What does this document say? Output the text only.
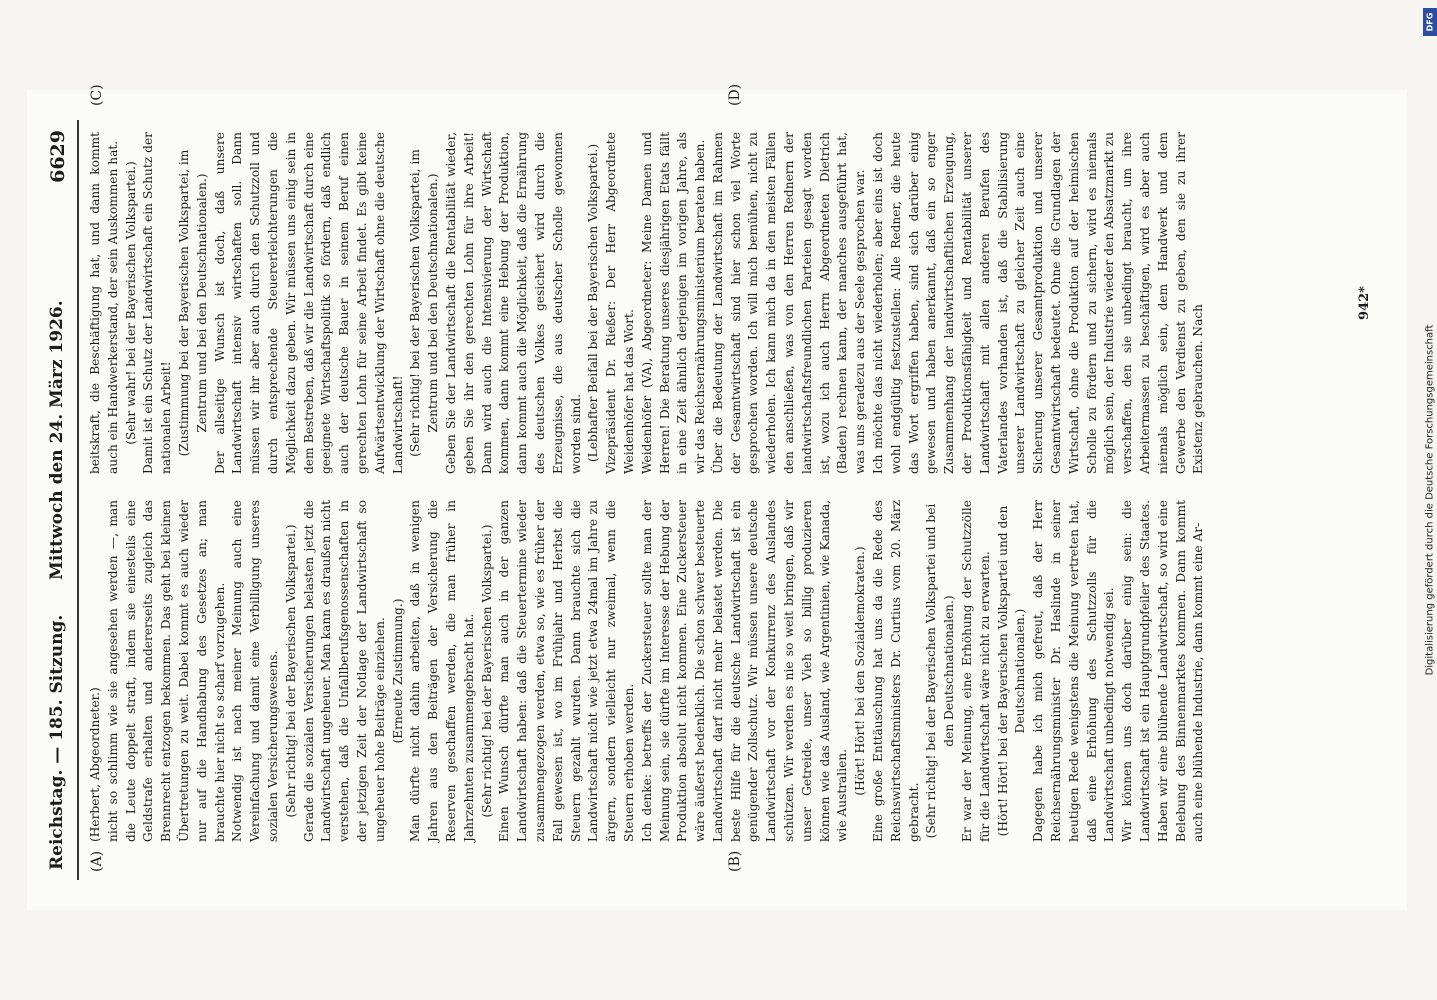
Reichstag. — 185. Sitzung.
Mittwoch den 24. März 1926.
6629
(A)	(B)
(C)	(D)

(Herbert, Abgeordneter.) nicht so schlimm wie sie angesehen werden —, man die Leute doppelt straft, indem sie einesteils eine Geldstrafe erhalten und andererseits zugleich das Brennrecht entzogen bekommen. Das geht bei kleinen Übertretungen zu weit. Dabei kommt es auch wieder nur auf die Handhabung des Gesetzes an; man brauchte hier nicht so scharf vorzugehen. Notwendig ist nach meiner Meinung auch eine Vereinfachung und damit eine Verbilligung unseres sozialen Versicherungswesens. (Sehr richtig! bei der Bayerischen Volkspartei.) Gerade die sozialen Versicherungen belasten jetzt die Landwirtschaft ungeheuer. Man kann es draußen nicht verstehen, daß die Unfallberufsgenossenschaften in der jetzigen Zeit der Notlage der Landwirtschaft so ungeheuer hohe Beiträge einziehen. (Erneute Zustimmung.) Man dürfte nicht dahin arbeiten, daß in wenigen Jahren aus den Beiträgen der Versicherung die Reserven geschaffen werden, die man früher in Jahrzehnten zusammengebracht hat. (Sehr richtig! bei der Bayerischen Volkspartei.) Einen Wunsch dürfte man auch in der ganzen Landwirtschaft haben: daß die Steuertermine wieder zusammengezogen werden, etwa so, wie es früher der Fall gewesen ist, wo im Frühjahr und Herbst die Steuern gezahlt wurden. Dann brauchte sich die Landwirtschaft nicht wie jetzt etwa 24mal im Jahre zu ärgern, sondern vielleicht nur zweimal, wenn die Steuern erhoben werden. Ich denke: betreffs der Zuckersteuer sollte man der Meinung sein, sie dürfte im Interesse der Hebung der Produktion absolut nicht kommen. Eine Zuckersteuer wäre äußerst bedenklich. Die schon schwer besteuerte Landwirtschaft darf nicht mehr belastet werden. Die beste Hilfe für die deutsche Landwirtschaft ist ein genügender Zollschutz. Wir müssen unsere deutsche Landwirtschaft vor der Konkurrenz des Auslandes schützen. Wir werden es nie so weit bringen, daß wir unser Getreide, unser Vieh so billig produzieren können wie das Ausland, wie Argentinien, wie Kanada, wie Australien. (Hört! Hört! bei den Sozialdemokraten.) Eine große Enttäuschung hat uns da die Rede des Reichswirtschaftsministers Dr. Curtius vom 20. März gebracht. (Sehr richtig! bei der Bayerischen Volkspartei und bei den Deutschnationalen.) Er war der Meinung, eine Erhöhung der Schutzzölle für die Landwirtschaft wäre nicht zu erwarten. (Hört! Hört! bei der Bayerischen Volkspartei und den Deutschnationalen.) Dagegen habe ich mich gefreut, daß der Herr Reichsernährungsminister Dr. Haslinde in seiner heutigen Rede wenigstens die Meinung vertreten hat, daß eine Erhöhung des Schutzzolls für die Landwirtschaft unbedingt notwendig sei. Wir können uns doch darüber einig sein: die Landwirtschaft ist ein Hauptgrundpfeiler des Staates. Haben wir eine blühende Landwirtschaft, so wird eine Belebung des Binnenmarktes kommen. Dann kommt auch eine blühende Industrie, dann kommt eine Ar-

beitskraft, die Beschäftigung hat, und dann kommt auch ein Handwerkerstand, der sein Auskommen hat. (Sehr wahr! bei der Bayerischen Volkspartei.) Damit ist ein Schutz der Landwirtschaft ein Schutz der nationalen Arbeit! (Zustimmung bei der Bayerischen Volkspartei, im Zentrum und bei den Deutschnationalen.) Der allseitige Wunsch ist doch, daß unsere Landwirtschaft intensiv wirtschaften soll. Dann müssen wir ihr aber auch durch den Schutzzoll und durch entsprechende Steuererleichterungen die Möglichkeit dazu geben. Wir müssen uns einig sein in dem Bestreben, daß wir die Landwirtschaft durch eine geeignete Wirtschaftspolitik so fördern, daß endlich auch der deutsche Bauer in seinem Beruf einen gerechten Lohn für seine Arbeit findet. Es gibt keine Aufwärtsentwicklung der Wirtschaft ohne die deutsche Landwirtschaft! (Sehr richtig! bei der Bayerischen Volkspartei, im Zentrum und bei den Deutschnationalen.) Geben Sie der Landwirtschaft die Rentabilität wieder, geben Sie ihr den gerechten Lohn für ihre Arbeit! Dann wird auch die Intensivierung der Wirtschaft kommen, dann kommt eine Hebung der Produktion, dann kommt auch die Möglichkeit, daß die Ernährung des deutschen Volkes gesichert wird durch die Erzeugnisse, die aus deutscher Scholle gewonnen worden sind. (Lebhafter Beifall bei der Bayerischen Volkspartei.) Vizepräsident Dr. Rießer: Der Herr Abgeordnete Weidenhöfer hat das Wort. Weidenhöfer (VA), Abgeordneter: Meine Damen und Herren! Die Beratung unseres diesjährigen Etats fällt in eine Zeit ähnlich derjenigen im vorigen Jahre, als wir das Reichsernährungsministerium beraten haben. Über die Bedeutung der Landwirtschaft im Rahmen der Gesamtwirtschaft sind hier schon viel Worte gesprochen worden. Ich will mich bemühen, nicht zu wiederholen. Ich kann mich da in den meisten Fällen den anschließen, was von den Herren Rednern der landwirtschaftsfreundlichen Parteien gesagt worden ist, wozu ich auch Herrn Abgeordneten Dietrich (Baden) rechnen kann, der manches ausgeführt hat, was uns geradezu aus der Seele gesprochen war. Ich möchte das nicht wiederholen; aber eins ist doch wohl endgültig festzustellen: Alle Redner, die heute das Wort ergriffen haben, sind sich darüber einig gewesen und haben anerkannt, daß ein so enger Zusammenhang der landwirtschaftlichen Erzeugung, der Produktionsfähigkeit und Rentabilität unserer Landwirtschaft mit allen anderen Berufen des Vaterlandes vorhanden ist, daß die Stabilisierung unserer Landwirtschaft zu gleicher Zeit auch eine Sicherung unserer Gesamtproduktion und unserer Gesamtwirtschaft bedeutet. Ohne die Grundlagen der Wirtschaft, ohne die Produktion auf der heimischen Scholle zu fördern und zu sichern, wird es niemals möglich sein, der Industrie wieder den Absatzmarkt zu verschaffen, den sie unbedingt braucht, um ihre Arbeitermassen zu beschäftigen, wird es aber auch niemals möglich sein, dem Handwerk und dem Gewerbe den Verdienst zu geben, den sie zu ihrer Existenz gebrauchen. Nach

942*
DFG
Digitalisierung gefördert durch die Deutsche Forschungsgemeinschaft
